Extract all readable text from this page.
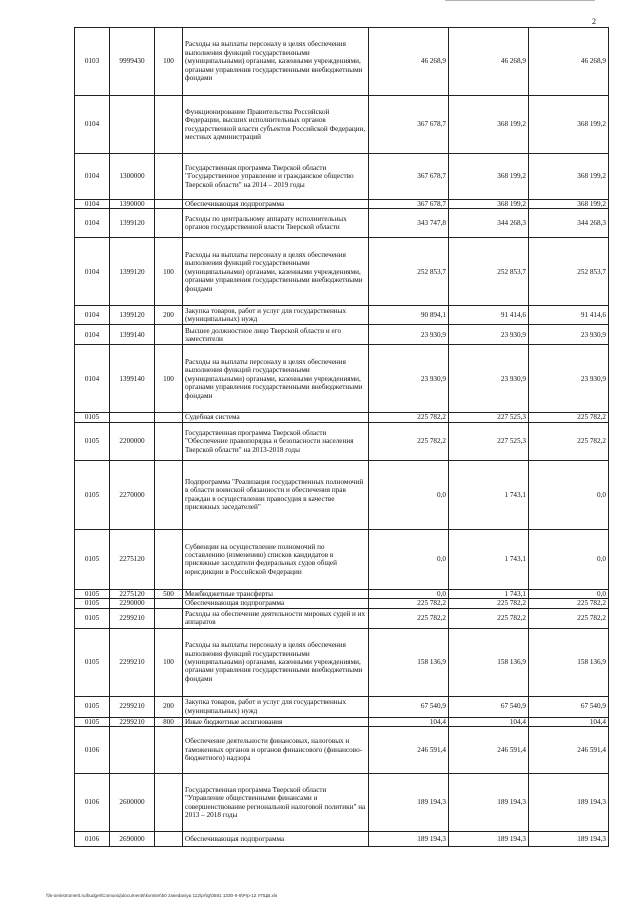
2
0103	9999430	100	Расходы на выплаты персоналу в целях обеспечения выполнения функций государственными (муниципальными) органами, казенными учреждениями, органами управления государственными внебюджетными фондами	46 268,9	46 268,9	46 268,9
0104			Функционирование Правительства Российской Федерации, высших исполнительных органов государственной власти субъектов Российской Федерации, местных администраций	367 678,7	368 199,2	368 199,2
0104	1300000		Государственная программа Тверской области "Государственное управление и гражданское общество Тверской области" на 2014 – 2019 годы	367 678,7	368 199,2	368 199,2
0104	1390000		Обеспечивающая подпрограмма	367 678,7	368 199,2	368 199,2
0104	1399120		Расходы по центральному аппарату исполнительных органов государственной власти Тверской области	343 747,8	344 268,3	344 268,3
0104	1399120	100	Расходы на выплаты персоналу в целях обеспечения выполнения функций государственными (муниципальными) органами, казенными учреждениями, органами управления государственными внебюджетными фондами	252 853,7	252 853,7	252 853,7
0104	1399120	200	Закупка товаров, работ и услуг для государственных (муниципальных) нужд	90 894,1	91 414,6	91 414,6
0104	1399140		Высшее должностное лицо Тверской области и его заместители	23 930,9	23 930,9	23 930,9
0104	1399140	100	Расходы на выплаты персоналу в целях обеспечения выполнения функций государственными (муниципальными) органами, казенными учреждениями, органами управления государственными внебюджетными фондами	23 930,9	23 930,9	23 930,9
0105			Судебная система	225 782,2	227 525,3	225 782,2
0105	2200000		Государственная программа Тверской области "Обеспечение правопорядка и безопасности населения Тверской области" на 2013-2018 годы	225 782,2	227 525,3	225 782,2
0105	2270000		Подпрограмма "Реализация государственных полномочий в области воинской обязанности и обеспечения прав граждан в осуществлении правосудия в качестве присяжных заседателей"	0,0	1 743,1	0,0
0105	2275120		Субвенции на осуществление полномочий по составлению (изменению) списков кандидатов в присяжные заседатели федеральных судов общей юрисдикции в Российской Федерации	0,0	1 743,1	0,0
0105	2275120	500	Межбюджетные трансферты	0,0	1 743,1	0,0
0105	2290000		Обеспечивающая подпрограмма	225 782,2	225 782,2	225 782,2
0105	2299210		Расходы на обеспечение деятельности мировых судей и их аппаратов	225 782,2	225 782,2	225 782,2
0105	2299210	100	Расходы на выплаты персоналу в целях обеспечения выполнения функций государственными (муниципальными) органами, казенными учреждениями, органами управления государственными внебюджетными фондами	158 136,9	158 136,9	158 136,9
0105	2299210	200	Закупка товаров, работ и услуг для государственных (муниципальных) нужд	67 540,9	67 540,9	67 540,9
0105	2299210	800	Иные бюджетные ассигнования	104,4	104,4	104,4
0106			Обеспечение деятельности финансовых, налоговых и таможенных органов и органов финансового (финансово-бюджетного) надзора	246 591,4	246 591,4	246 591,4
0106	2600000		Государственная программа Тверской области "Управление общественными финансами и совершенствование региональной налоговой политики" на 2013 – 2018 годы	189 194,3	189 194,3	189 194,3
0106	2690000		Обеспечивающая подпрограмма	189 194,3	189 194,3	189 194,3
\\fs-oeinstromerit.ru/budget\Comuniq\documents\komitet\50 zasedaniya 112\pr\lg\0581 1330-II-5\Prp-12 УПЦВ.xls
